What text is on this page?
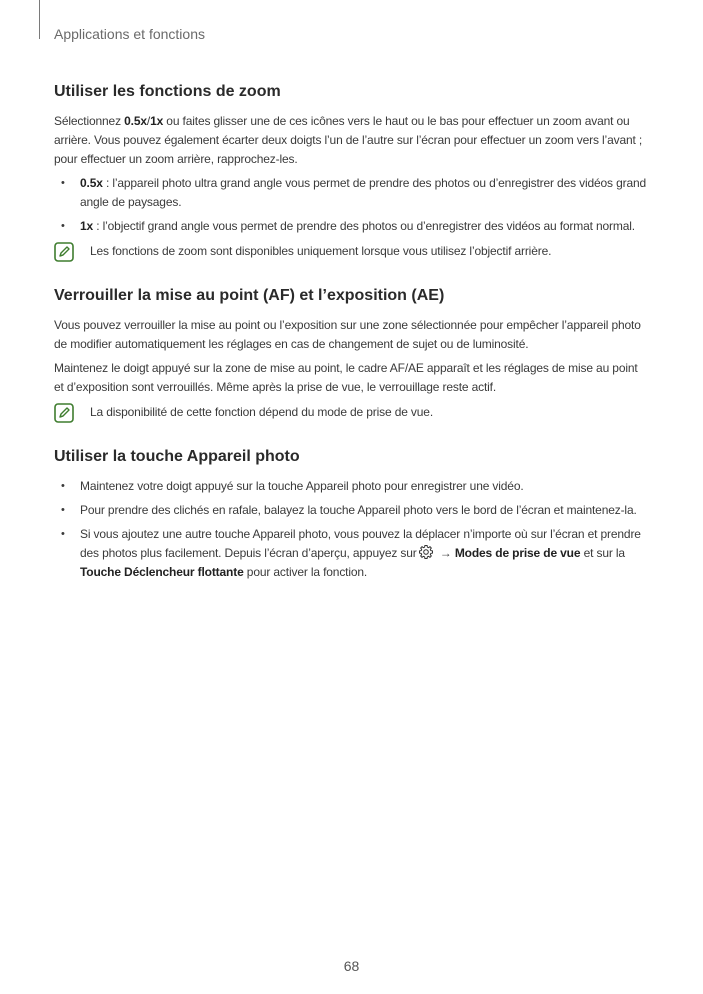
Applications et fonctions
Utiliser les fonctions de zoom

Sélectionnez 0.5x/1x ou faites glisser une de ces icônes vers le haut ou le bas pour effectuer un zoom avant ou arrière. Vous pouvez également écarter deux doigts l’un de l’autre sur l’écran pour effectuer un zoom vers l’avant ; pour effectuer un zoom arrière, rapprochez-les.

• 0.5x : l’appareil photo ultra grand angle vous permet de prendre des photos ou d’enregistrer des vidéos grand angle de paysages.
• 1x : l’objectif grand angle vous permet de prendre des photos ou d’enregistrer des vidéos au format normal.
Les fonctions de zoom sont disponibles uniquement lorsque vous utilisez l’objectif arrière.
Verrouiller la mise au point (AF) et l’exposition (AE)

Vous pouvez verrouiller la mise au point ou l’exposition sur une zone sélectionnée pour empêcher l’appareil photo de modifier automatiquement les réglages en cas de changement de sujet ou de luminosité.

Maintenez le doigt appuyé sur la zone de mise au point, le cadre AF/AE apparaît et les réglages de mise au point et d’exposition sont verrouillés. Même après la prise de vue, le verrouillage reste actif.

La disponibilité de cette fonction dépend du mode de prise de vue.
Utiliser la touche Appareil photo
• Maintenez votre doigt appuyé sur la touche Appareil photo pour enregistrer une vidéo.
• Pour prendre des clichés en rafale, balayez la touche Appareil photo vers le bord de l’écran et maintenez-la.
• Si vous ajoutez une autre touche Appareil photo, vous pouvez la déplacer n’importe où sur l’écran et prendre des photos plus facilement. Depuis l’écran d’aperçu, appuyez sur → Modes de prise de vue et sur la Touche Déclencheur flottante pour activer la fonction.
68
